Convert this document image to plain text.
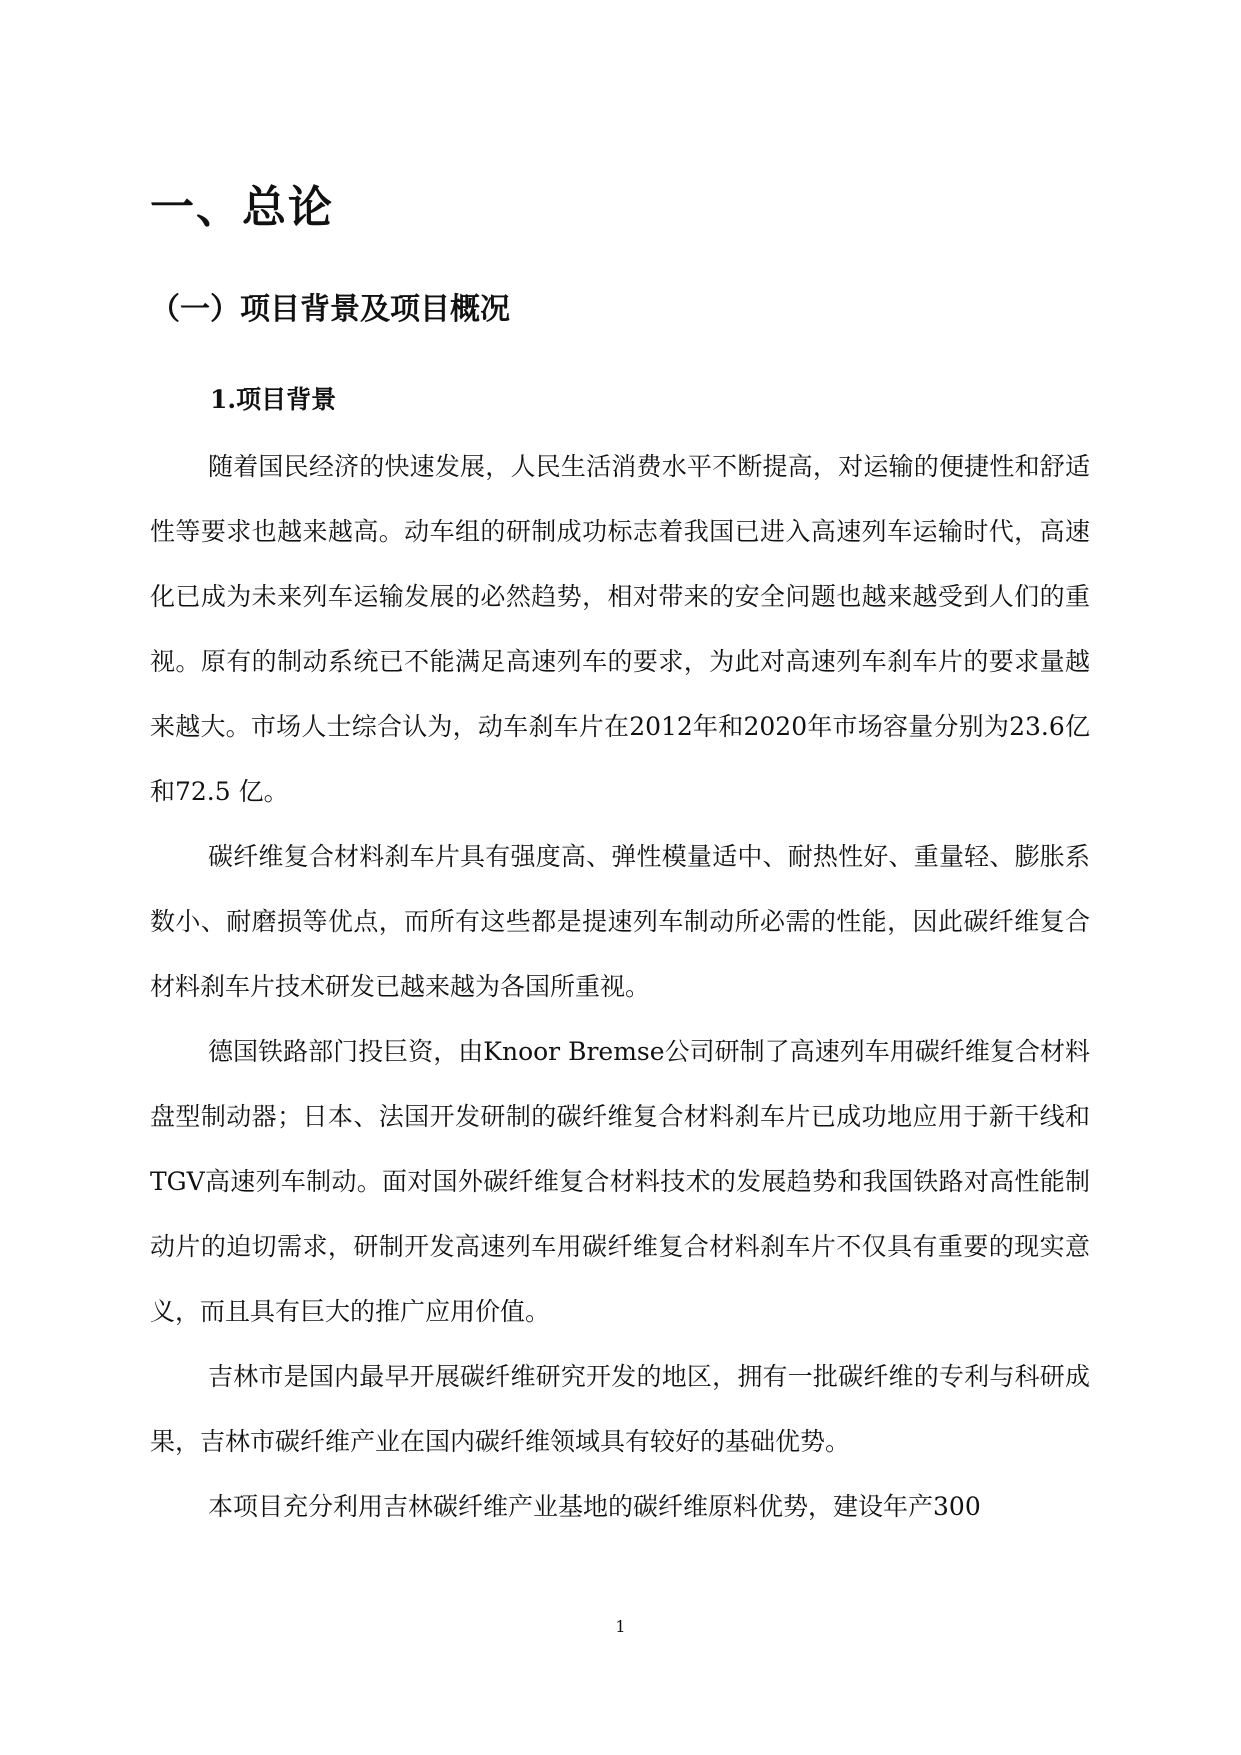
一、总论
（一）项目背景及项目概况
1.项目背景

随着国民经济的快速发展，人民生活消费水平不断提高，对运输的便捷性和舒适性等要求也越来越高。动车组的研制成功标志着我国已进入高速列车运输时代，高速化已成为未来列车运输发展的必然趋势，相对带来的安全问题也越来越受到人们的重视。原有的制动系统已不能满足高速列车的要求，为此对高速列车刹车片的要求量越来越大。市场人士综合认为，动车刹车片在2012年和2020年市场容量分别为23.6亿和72.5 亿。

碳纤维复合材料刹车片具有强度高、弹性模量适中、耐热性好、重量轻、膨胀系数小、耐磨损等优点，而所有这些都是提速列车制动所必需的性能，因此碳纤维复合材料刹车片技术研发已越来越为各国所重视。

德国铁路部门投巨资，由Knoor Bremse公司研制了高速列车用碳纤维复合材料盘型制动器；日本、法国开发研制的碳纤维复合材料刹车片已成功地应用于新干线和TGV高速列车制动。面对国外碳纤维复合材料技术的发展趋势和我国铁路对高性能制动片的迫切需求，研制开发高速列车用碳纤维复合材料刹车片不仅具有重要的现实意义，而且具有巨大的推广应用价值。

吉林市是国内最早开展碳纤维研究开发的地区，拥有一批碳纤维的专利与科研成果，吉林市碳纤维产业在国内碳纤维领域具有较好的基础优势。

本项目充分利用吉林碳纤维产业基地的碳纤维原料优势，建设年产300

1
